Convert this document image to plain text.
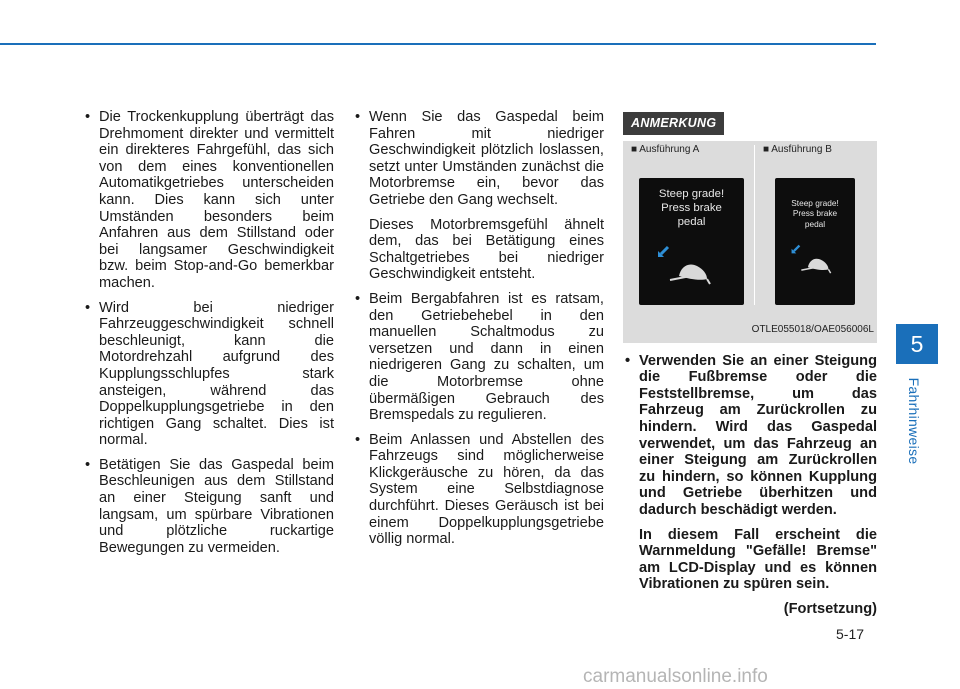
• Die Trockenkupplung überträgt das Drehmoment direkter und vermittelt ein direkteres Fahrgefühl, das sich von dem eines konventionellen Automatikgetriebes unterscheiden kann. Dies kann sich unter Umständen besonders beim Anfahren aus dem Stillstand oder bei langsamer Geschwindigkeit bzw. beim Stop-and-Go bemerkbar machen.
• Wird bei niedriger Fahrzeuggeschwindigkeit schnell beschleunigt, kann die Motordrehzahl aufgrund des Kupplungsschlupfes stark ansteigen, während das Doppelkupplungsgetriebe in den richtigen Gang schaltet. Dies ist normal.
• Betätigen Sie das Gaspedal beim Beschleunigen aus dem Stillstand an einer Steigung sanft und langsam, um spürbare Vibrationen und plötzliche ruckartige Bewegungen zu vermeiden.
• Wenn Sie das Gaspedal beim Fahren mit niedriger Geschwindigkeit plötzlich loslassen, setzt unter Umständen zunächst die Motorbremse ein, bevor das Getriebe den Gang wechselt.

Dieses Motorbremsgefühl ähnelt dem, das bei Betätigung eines Schaltgetriebes bei niedriger Geschwindigkeit entsteht.

• Beim Bergabfahren ist es ratsam, den Getriebehebel in den manuellen Schaltmodus zu versetzen und dann in einen niedrigeren Gang zu schalten, um die Motorbremse ohne übermäßigen Gebrauch des Bremspedals zu regulieren.
• Beim Anlassen und Abstellen des Fahrzeugs sind möglicherweise Klickgeräusche zu hören, da das System eine Selbstdiagnose durchführt. Dieses Geräusch ist bei einem Doppelkupplungsgetriebe völlig normal.
ANMERKUNG
■ Ausführung A	■ Ausführung B
Steep grade!
Press brake
pedal
Steep grade!
Press brake
pedal
OTLE055018/OAE056006L
• Verwenden Sie an einer Steigung die Fußbremse oder die Feststellbremse, um das Fahrzeug am Zurückrollen zu hindern. Wird das Gaspedal verwendet, um das Fahrzeug an einer Steigung am Zurückrollen zu hindern, so können Kupplung und Getriebe überhitzen und dadurch beschädigt werden.

In diesem Fall erscheint die Warnmeldung "Gefälle! Bremse" am LCD-Display und es können Vibrationen zu spüren sein.

(Fortsetzung)

5
Fahrhinweise
5-17
carmanualsonline.info
